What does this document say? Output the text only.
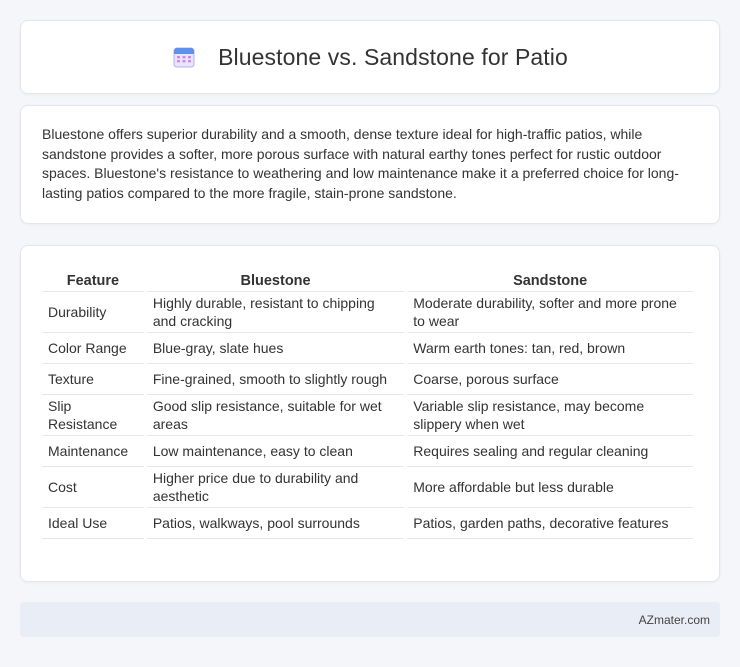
Bluestone vs. Sandstone for Patio

Bluestone offers superior durability and a smooth, dense texture ideal for high-traffic patios, while sandstone provides a softer, more porous surface with natural earthy tones perfect for rustic outdoor spaces. Bluestone's resistance to weathering and low maintenance make it a preferred choice for long-lasting patios compared to the more fragile, stain-prone sandstone.

Feature	Bluestone	Sandstone
Durability	Highly durable, resistant to chipping and cracking	Moderate durability, softer and more prone to wear
Color Range	Blue-gray, slate hues	Warm earth tones: tan, red, brown
Texture	Fine-grained, smooth to slightly rough	Coarse, porous surface
Slip Resistance	Good slip resistance, suitable for wet areas	Variable slip resistance, may become slippery when wet
Maintenance	Low maintenance, easy to clean	Requires sealing and regular cleaning
Cost	Higher price due to durability and aesthetic	More affordable but less durable
Ideal Use	Patios, walkways, pool surrounds	Patios, garden paths, decorative features
AZmater.com
